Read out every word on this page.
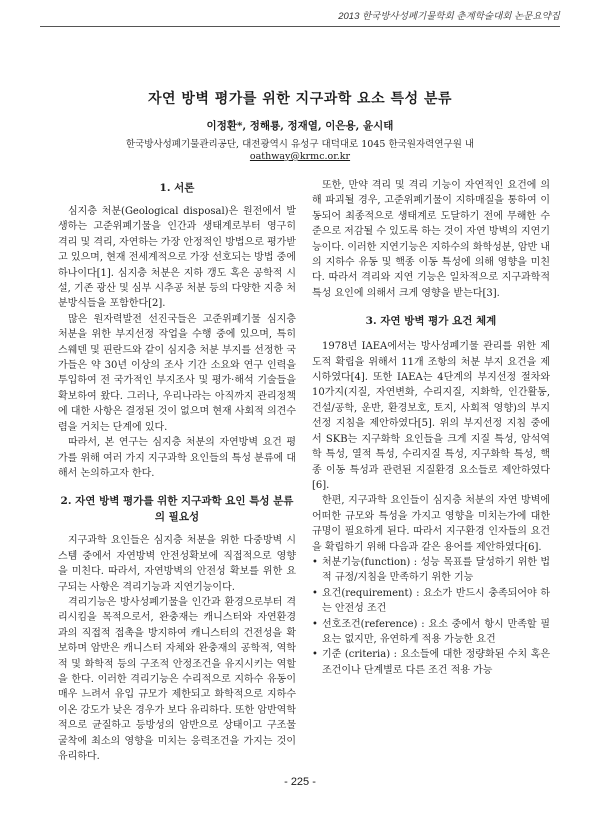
2013 한국방사성폐기물학회 춘계학술대회 논문요약집
자연 방벽 평가를 위한 지구과학 요소 특성 분류
이정환*, 정해룡, 정재열, 이은용, 윤시태
한국방사성폐기물관리공단, 대전광역시 유성구 대덕대로 1045 한국원자력연구원 내
oathway@krmc.or.kr
1. 서론

심지층 처분(Geological disposal)은 원전에서 발생하는 고준위폐기물을 인간과 생태계로부터 영구히 격리 및 격리, 자연하는 가장 안정적인 방법으로 평가받고 있으며, 현재 전세계적으로 가장 선호되는 방법 중에 하나이다[1]. 심지층 처분은 지하 갱도 혹은 공학적 시설, 기존 광산 및 심부 시추공 처분 등의 다양한 지층 처분방식들을 포함한다[2].

많은 원자력발전 선진국들은 고준위폐기물 심지층 처분을 위한 부지선정 작업을 수행 중에 있으며, 특히 스웨덴 및 핀란드와 같이 심지층 처분 부지를 선정한 국가들은 약 30년 이상의 조사 기간 소요와 연구 인력을 투입하여 전 국가적인 부지조사 및 평가·해석 기술들을 확보하여 왔다. 그러나, 우리나라는 아직까지 관리정책에 대한 사항은 결정된 것이 없으며 현재 사회적 의견수렴을 거치는 단계에 있다.

따라서, 본 연구는 심지층 처분의 자연방벽 요건 평가를 위해 여러 가지 지구과학 요인들의 특성 분류에 대해서 논의하고자 한다.

2. 자연 방벽 평가를 위한 지구과학 요인 특성 분류의 필요성

지구과학 요인들은 심지층 처분을 위한 다중방벽 시스템 중에서 자연방벽 안전성확보에 직접적으로 영향을 미친다. 따라서, 자연방벽의 안전성 확보를 위한 요구되는 사항은 격리기능과 지연기능이다.

격리기능은 방사성폐기물을 인간과 환경으로부터 격리시킴을 목적으로서, 완충재는 캐니스터와 자연환경과의 직접적 접촉을 방지하여 캐니스터의 건전성을 확보하며 암반은 캐니스터 자체와 완충재의 공학적, 역학적 및 화학적 등의 구조적 안정조건을 유지시키는 역할을 한다. 이러한 격리기능은 수리적으로 지하수 유동이 매우 느려서 유입 규모가 제한되고 화학적으로 지하수 이온 강도가 낮은 경우가 보다 유리하다. 또한 암반역학적으로 균질하고 등방성의 암반으로 상태이고 구조물 굴착에 최소의 영향을 미치는 응력조건을 가지는 것이 유리하다.

또한, 만약 격리 및 격리 기능이 자연적인 요건에 의해 파괴될 경우, 고준위폐기물이 지하매질을 통하여 이동되어 최종적으로 생태계로 도달하기 전에 무해한 수준으로 저감될 수 있도록 하는 것이 자연 방벽의 지연기능이다. 이러한 지연기능은 지하수의 화학성분, 암반 내의 지하수 유동 및 핵종 이동 특성에 의해 영향을 미친다. 따라서 격리와 지연 기능은 일차적으로 지구과학적 특성 요인에 의해서 크게 영향을 받는다[3].

3. 자연 방벽 평가 요건 체계

1978년 IAEA에서는 방사성폐기물 관리를 위한 제도적 확립을 위해서 11개 조항의 처분 부지 요건을 제시하였다[4]. 또한 IAEA는 4단계의 부지선정 절차와 10가지(지질, 자연변화, 수리지질, 지화학, 인간활동, 건설/공학, 운반, 환경보호, 토지, 사회적 영향)의 부지선정 지침을 제안하였다[5]. 위의 부지선정 지침 중에서 SKB는 지구화학 요인들을 크게 지질 특성, 암석역학 특성, 열적 특성, 수리지질 특성, 지구화학 특성, 핵종 이동 특성과 관련된 지질환경 요소들로 제안하였다[6].

한편, 지구과학 요인들이 심지층 처분의 자연 방벽에 어떠한 규모와 특성을 가지고 영향을 미치는가에 대한 규명이 필요하게 된다. 따라서 지구환경 인자들의 요건을 확립하기 위해 다음과 같은 용어를 제안하였다[6].

• 처분기능(function) : 성능 목표를 달성하기 위한 법적 규정/지침을 만족하기 위한 기능
• 요건(requirement) : 요소가 반드시 충족되어야 하는 안전성 조건
• 선호조건(reference) : 요소 중에서 항시 만족할 필요는 없지만, 유연하게 적용 가능한 요건
• 기준 (criteria) : 요소들에 대한 정량화된 수치 혹은 조건이나 단계별로 다른 조건 적용 가능
- 225 -
